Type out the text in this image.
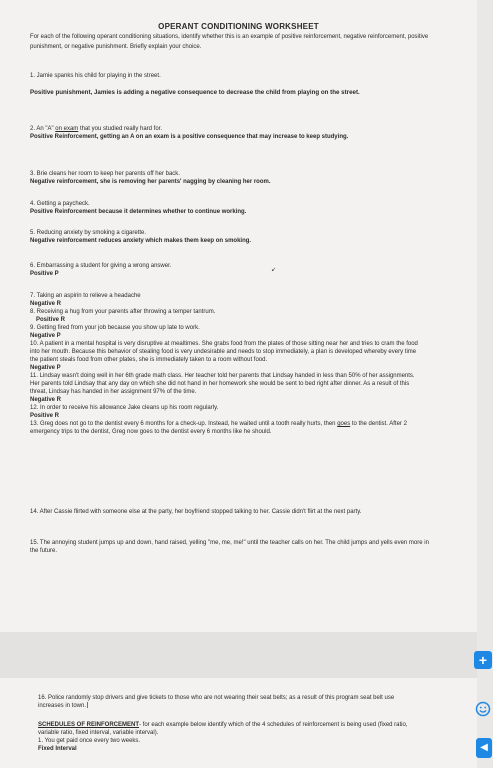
OPERANT CONDITIONING WORKSHEET
For each of the following operant conditioning situations, identify whether this is an example of positive reinforcement, negative reinforcement, positive punishment, or negative punishment. Briefly explain your choice.
1. Jamie spanks his child for playing in the street.
Positive punishment, Jamies is adding a negative consequence to decrease the child from playing on the street.
2. An "A" on exam that you studied really hard for.
Positive Reinforcement, getting an A on an exam is a positive consequence that may increase to keep studying.
3. Brie cleans her room to keep her parents off her back.
Negative reinforcement, she is removing her parents' nagging by cleaning her room.
4. Getting a paycheck.
Positive Reinforcement because it determines whether to continue working.
5. Reducing anxiety by smoking a cigarette.
Negative reinforcement reduces anxiety which makes them keep on smoking.
6. Embarrassing a student for giving a wrong answer.
Positive P
7. Taking an aspirin to relieve a headache
Negative R
8. Receiving a hug from your parents after throwing a temper tantrum.
Positive R
9. Getting fired from your job because you show up late to work.
Negative P
10. A patient in a mental hospital is very disruptive at mealtimes. She grabs food from the plates of those sitting near her and tries to cram the food into her mouth. Because this behavior of stealing food is very undesirable and needs to stop immediately, a plan is developed whereby every time the patient steals food from other plates, she is immediately taken to a room without food.
Negative P
11. Lindsay wasn't doing well in her 6th grade math class. Her teacher told her parents that Lindsay handed in less than 50% of her assignments. Her parents told Lindsay that any day on which she did not hand in her homework she would be sent to bed right after dinner. As a result of this threat, Lindsay has handed in her assignment 97% of the time.
Negative R
12. In order to receive his allowance Jake cleans up his room regularly.
Positive R
13. Greg does not go to the dentist every 6 months for a check-up. Instead, he waited until a tooth really hurts, then goes to the dentist. After 2 emergency trips to the dentist, Greg now goes to the dentist every 6 months like he should.
14. After Cassie flirted with someone else at the party, her boyfriend stopped talking to her. Cassie didn't flirt at the next party.
15. The annoying student jumps up and down, hand raised, yelling "me, me, me!" until the teacher calls on her. The child jumps and yells even more in the future.
16. Police randomly stop drivers and give tickets to those who are not wearing their seat belts; as a result of this program seat belt use increases in town.
SCHEDULES OF REINFORCEMENT- for each example below identify which of the 4 schedules of reinforcement is being used (fixed ratio, variable ratio, fixed interval, variable interval).
1. You get paid once every two weeks.
Fixed Interval
↙
+
◀
